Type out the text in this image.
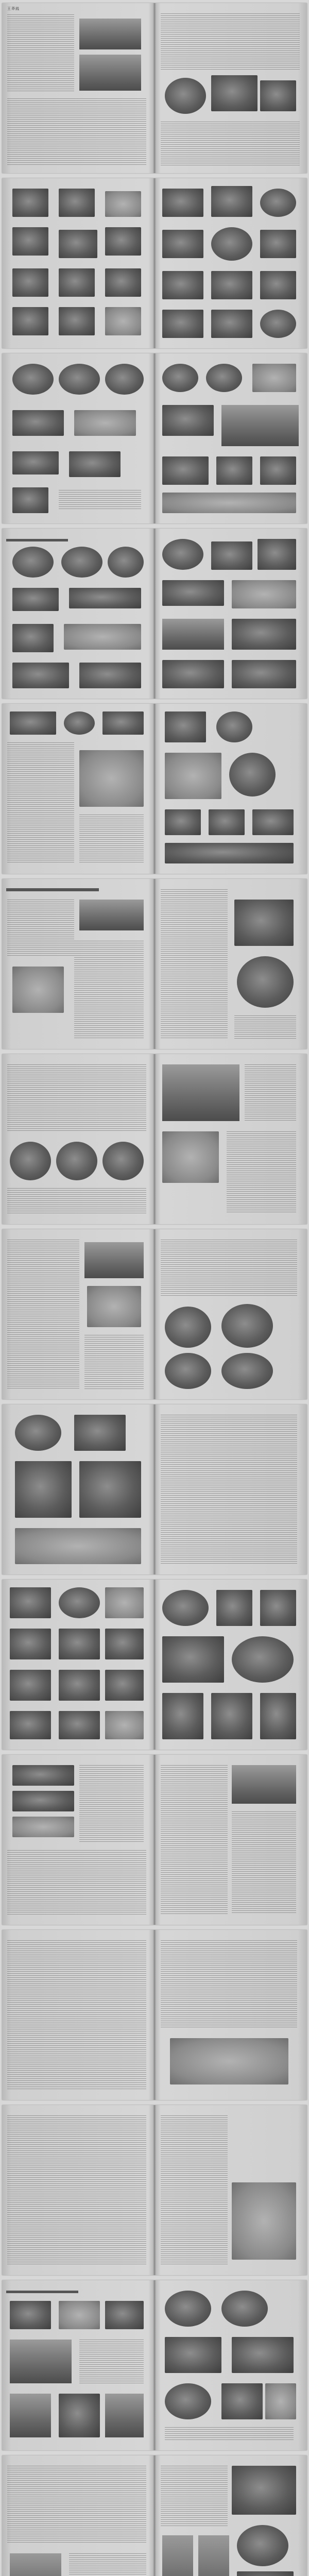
王莽銭
